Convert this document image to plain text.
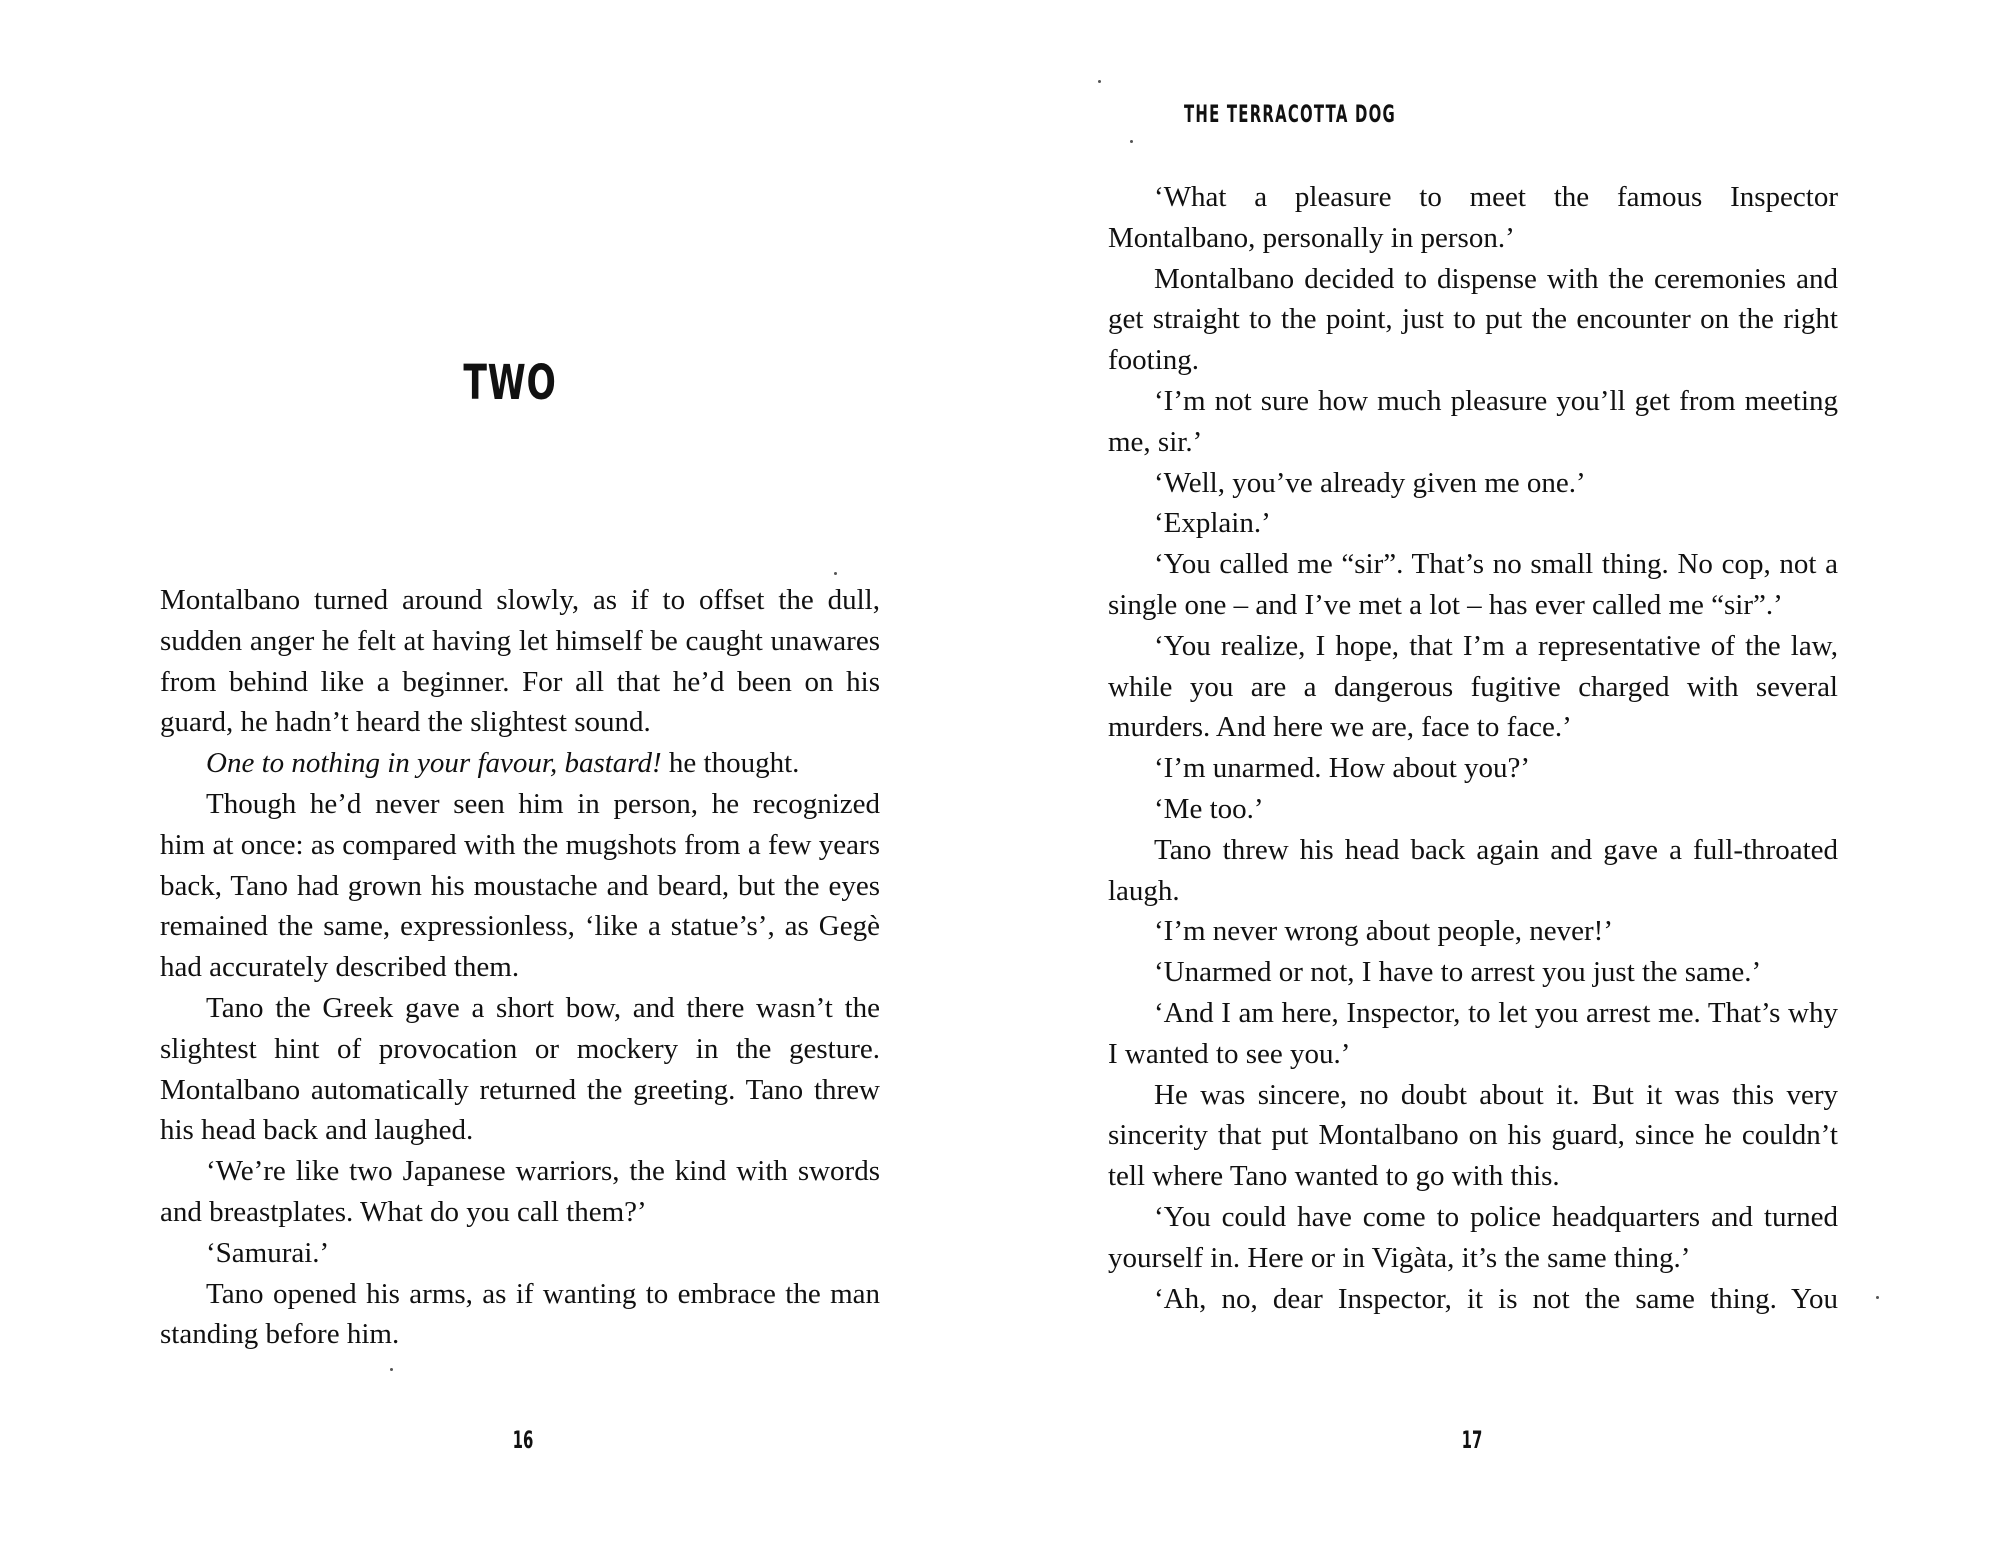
TWO

Montalbano turned around slowly, as if to offset the dull, sudden anger he felt at having let himself be caught unawares from behind like a beginner. For all that he’d been on his guard, he hadn’t heard the slightest sound.

One to nothing in your favour, bastard! he thought.

Though he’d never seen him in person, he recognized him at once: as compared with the mugshots from a few years back, Tano had grown his moustache and beard, but the eyes remained the same, expressionless, ‘like a statue’s’, as Gegè had accurately described them.

Tano the Greek gave a short bow, and there wasn’t the slightest hint of provocation or mockery in the gesture. Montalbano automatically returned the greeting. Tano threw his head back and laughed.

‘We’re like two Japanese warriors, the kind with swords and breastplates. What do you call them?’

‘Samurai.’

Tano opened his arms, as if wanting to embrace the man standing before him.

16
THE TERRACOTTA DOG

‘What a pleasure to meet the famous Inspector Montalbano, personally in person.’

Montalbano decided to dispense with the ceremonies and get straight to the point, just to put the encounter on the right footing.

‘I’m not sure how much pleasure you’ll get from meeting me, sir.’

‘Well, you’ve already given me one.’

‘Explain.’

‘You called me “sir”. That’s no small thing. No cop, not a single one – and I’ve met a lot – has ever called me “sir”.’

‘You realize, I hope, that I’m a representative of the law, while you are a dangerous fugitive charged with several murders. And here we are, face to face.’

‘I’m unarmed. How about you?’

‘Me too.’

Tano threw his head back again and gave a full-throated laugh.

‘I’m never wrong about people, never!’

‘Unarmed or not, I have to arrest you just the same.’

‘And I am here, Inspector, to let you arrest me. That’s why I wanted to see you.’

He was sincere, no doubt about it. But it was this very sincerity that put Montalbano on his guard, since he couldn’t tell where Tano wanted to go with this.

‘You could have come to police headquarters and turned yourself in. Here or in Vigàta, it’s the same thing.’

‘Ah, no, dear Inspector, it is not the same thing. You

17
